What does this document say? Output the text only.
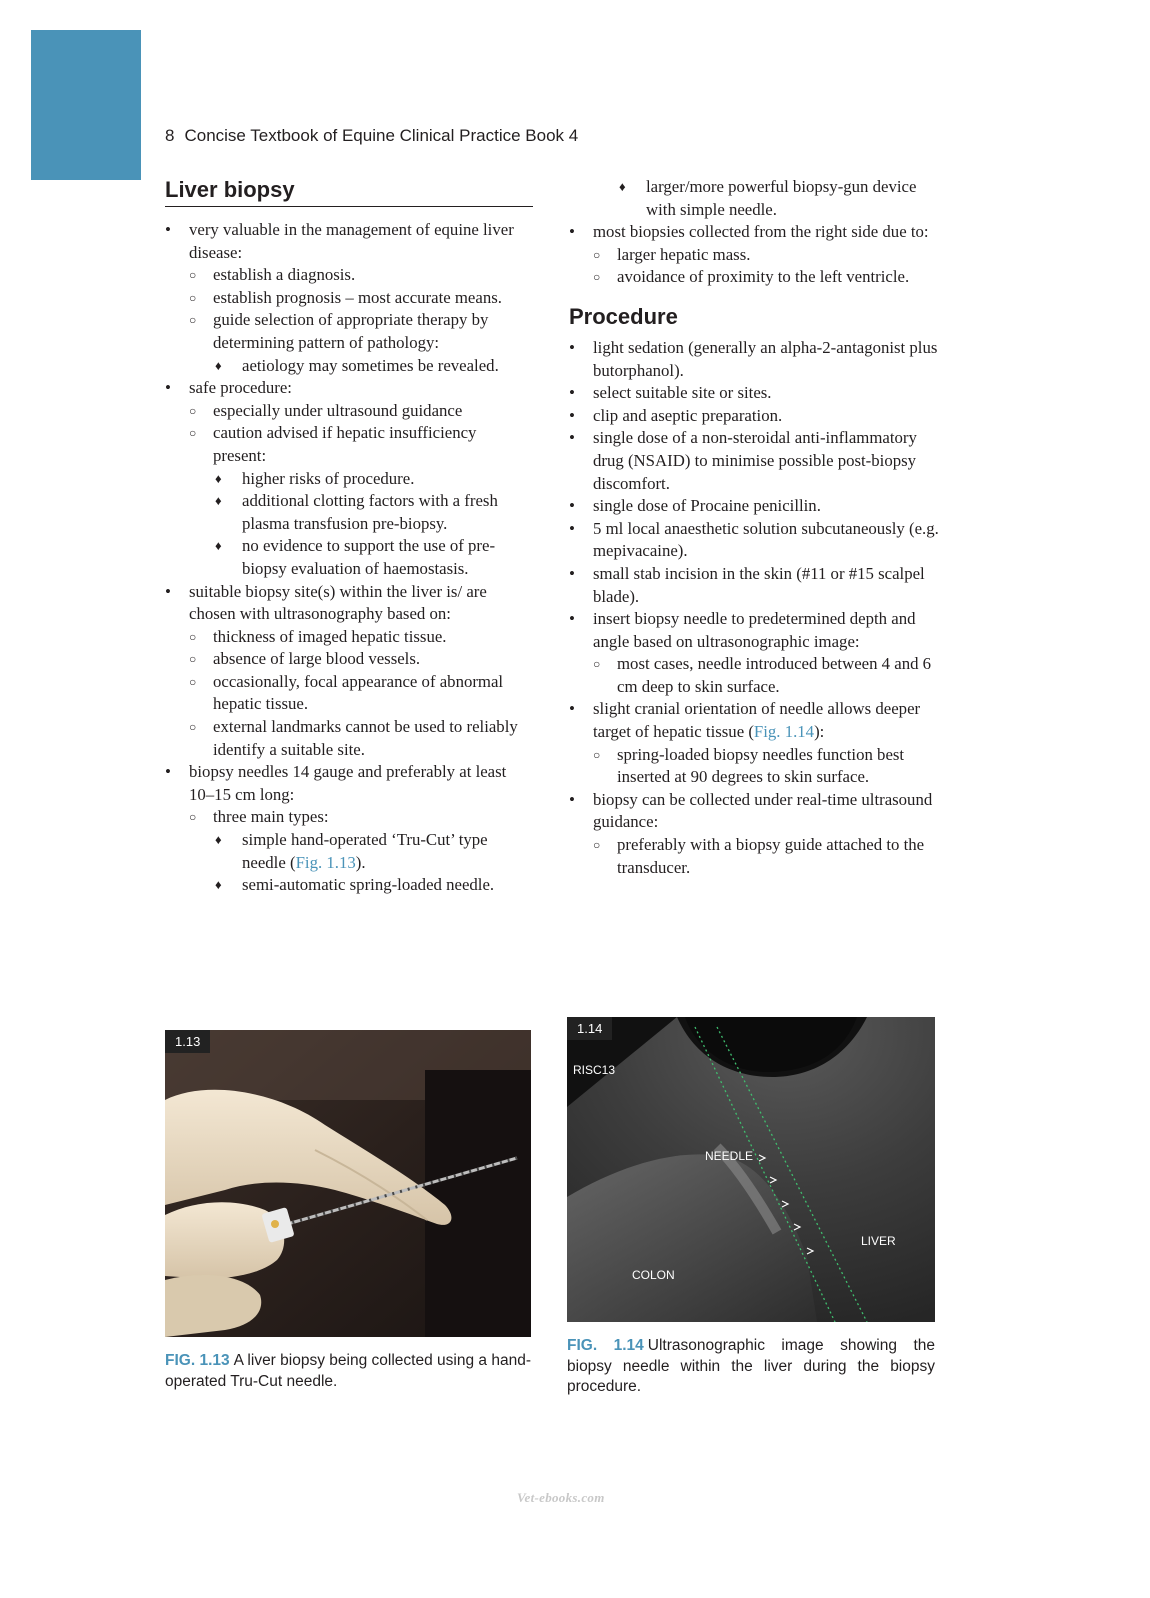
8 Concise Textbook of Equine Clinical Practice Book 4
Liver biopsy
• very valuable in the management of equine liver disease:
○ establish a diagnosis.
○ establish prognosis – most accurate means.
○ guide selection of appropriate therapy by determining pattern of pathology:
♦ aetiology may sometimes be revealed.
• safe procedure:
○ especially under ultrasound guidance
○ caution advised if hepatic insufficiency present:
♦ higher risks of procedure.
♦ additional clotting factors with a fresh plasma transfusion pre-biopsy.
♦ no evidence to support the use of pre-biopsy evaluation of haemostasis.
• suitable biopsy site(s) within the liver is/ are chosen with ultrasonography based on:
○ thickness of imaged hepatic tissue.
○ absence of large blood vessels.
○ occasionally, focal appearance of abnormal hepatic tissue.
○ external landmarks cannot be used to reliably identify a suitable site.
• biopsy needles 14 gauge and preferably at least 10–15 cm long:
○ three main types:
♦ simple hand-operated ‘Tru-Cut’ type needle (Fig. 1.13).
♦ semi-automatic spring-loaded needle.
♦ larger/more powerful biopsy-gun device with simple needle.
• most biopsies collected from the right side due to:
○ larger hepatic mass.
○ avoidance of proximity to the left ventricle.
Procedure
• light sedation (generally an alpha-2-antagonist plus butorphanol).
• select suitable site or sites.
• clip and aseptic preparation.
• single dose of a non-steroidal anti-inflammatory drug (NSAID) to minimise possible post-biopsy discomfort.
• single dose of Procaine penicillin.
• 5 ml local anaesthetic solution subcutaneously (e.g. mepivacaine).
• small stab incision in the skin (#11 or #15 scalpel blade).
• insert biopsy needle to predetermined depth and angle based on ultrasonographic image:
○ most cases, needle introduced between 4 and 6 cm deep to skin surface.
• slight cranial orientation of needle allows deeper target of hepatic tissue (Fig. 1.14):
○ spring-loaded biopsy needles function best inserted at 90 degrees to skin surface.
• biopsy can be collected under real-time ultrasound guidance:
○ preferably with a biopsy guide attached to the transducer.
1.13
FIG. 1.13 A liver biopsy being collected using a hand-operated Tru-Cut needle.
1.14
RISC13
NEEDLE
LIVER
COLON
FIG. 1.14 Ultrasonographic image showing the biopsy needle within the liver during the biopsy procedure.
Vet-ebooks.com
